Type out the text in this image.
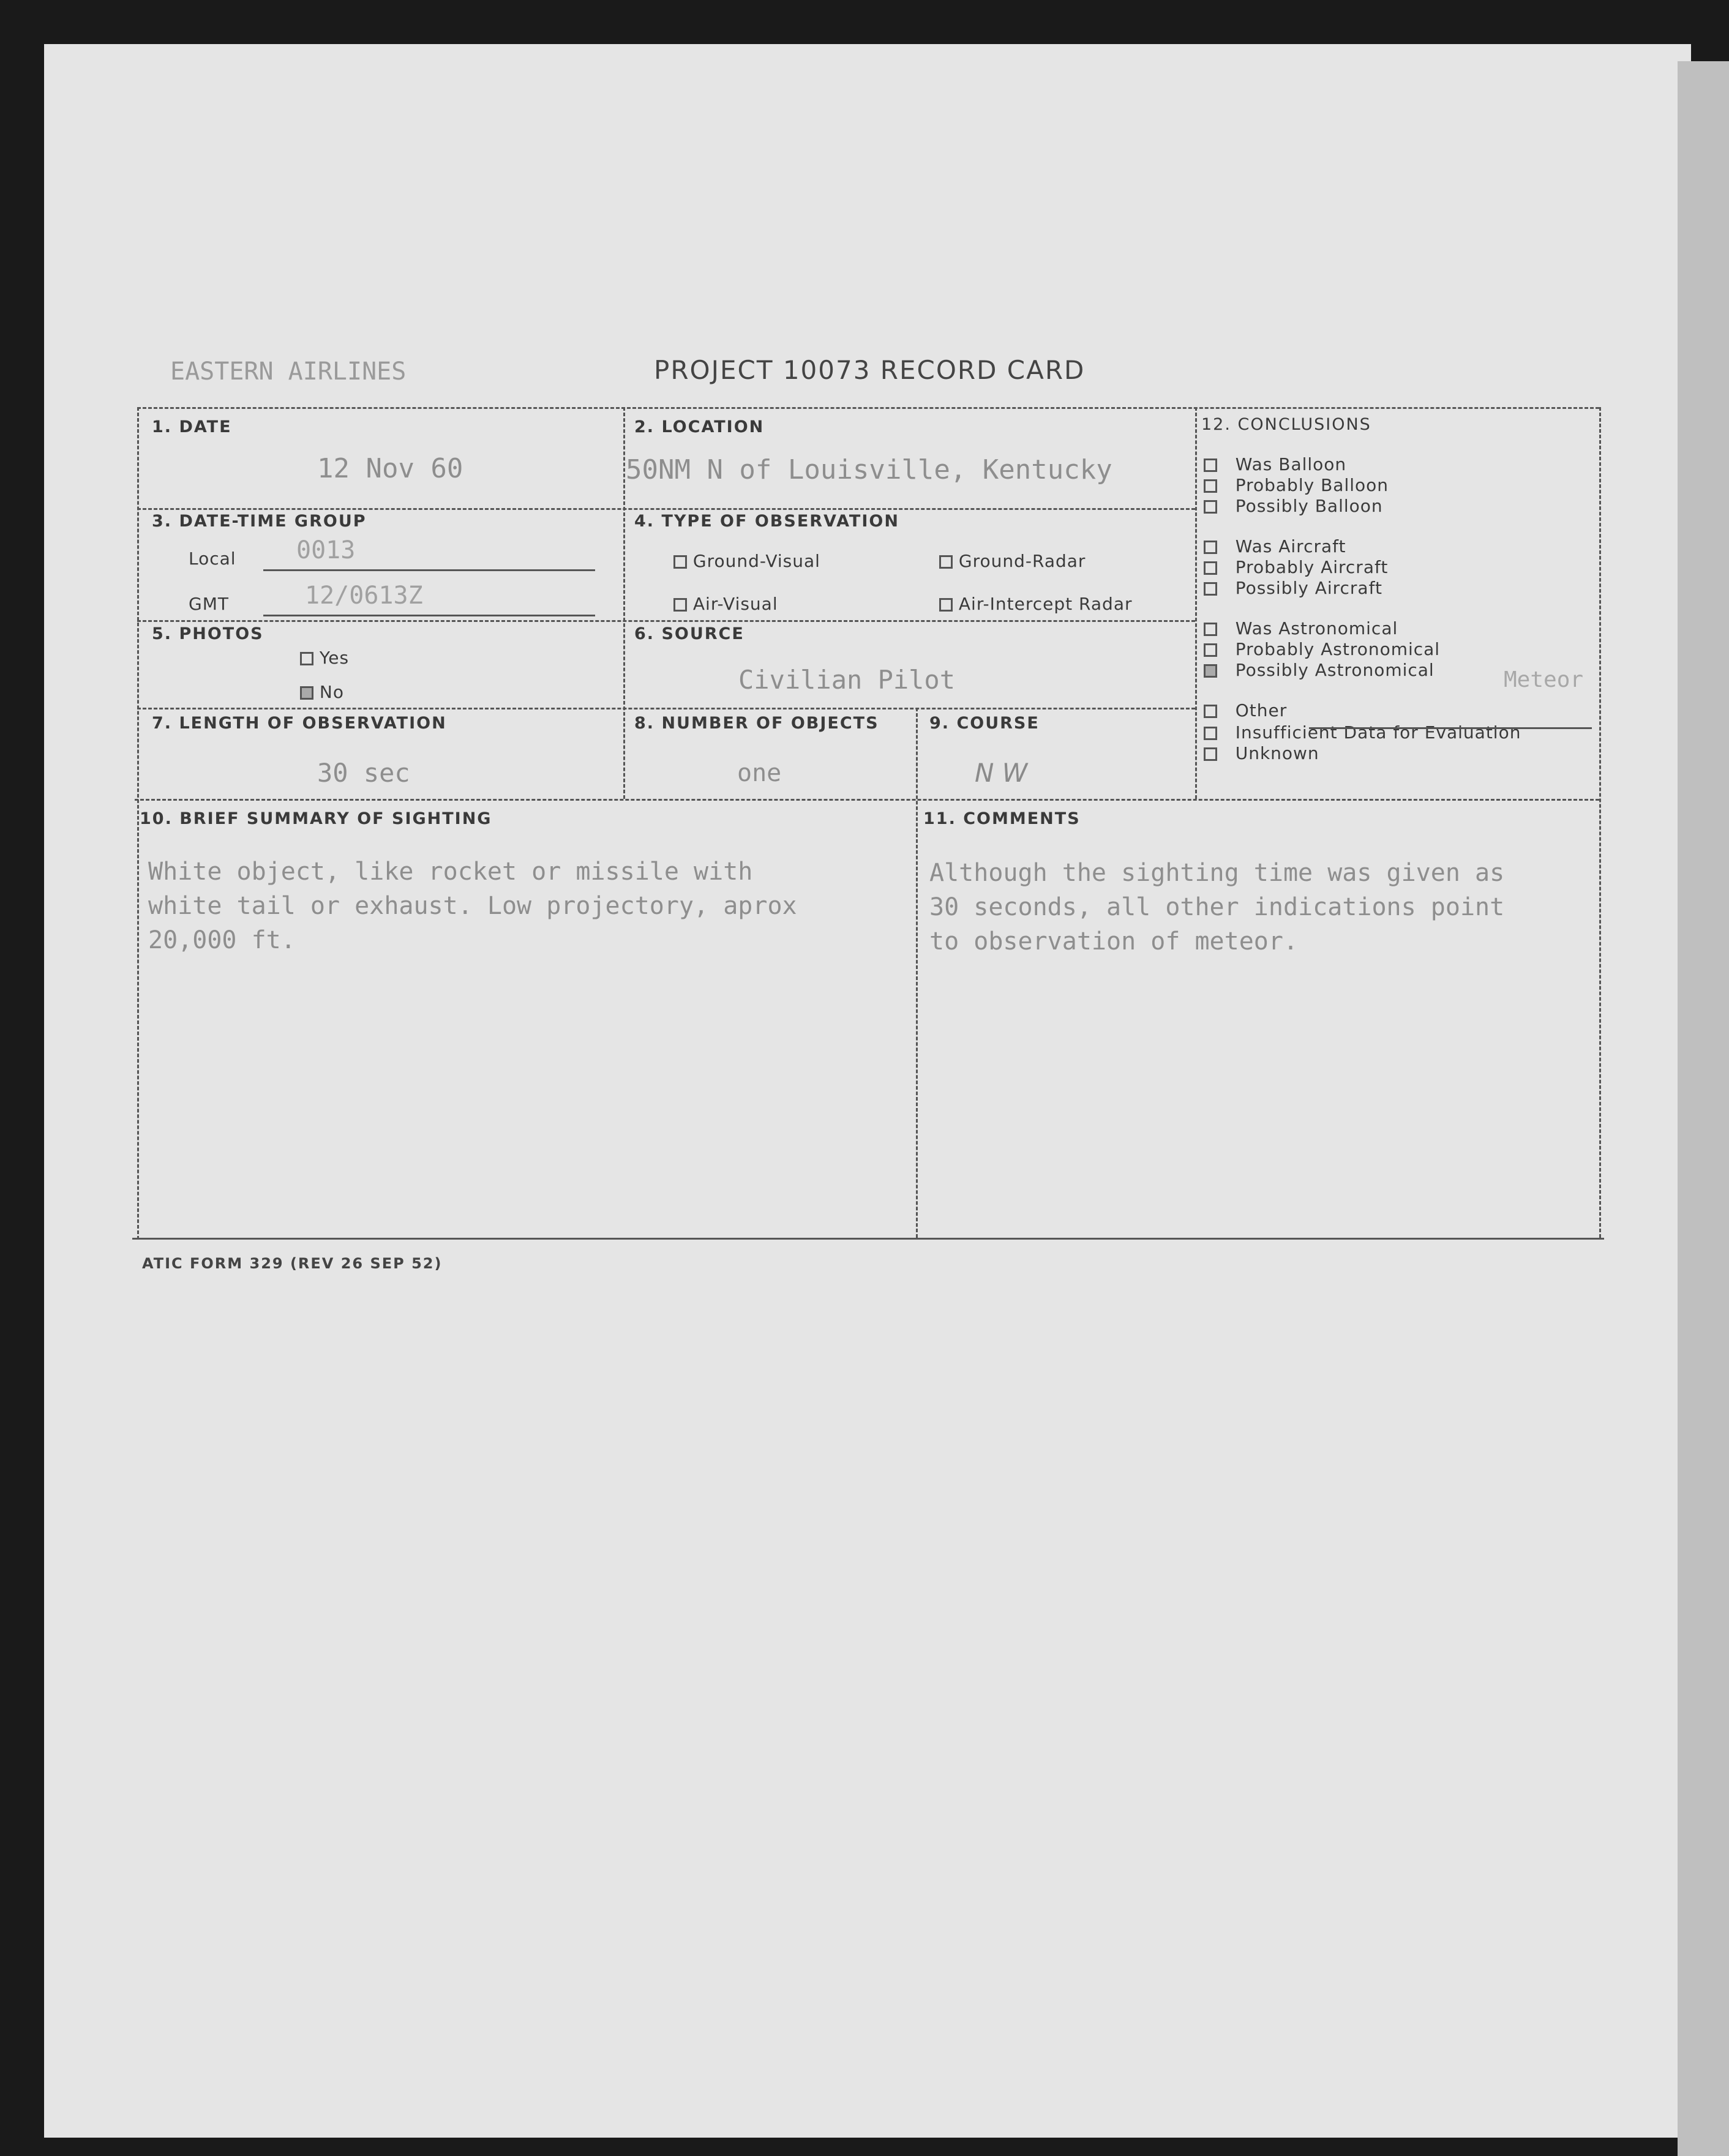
EASTERN AIRLINES	PROJECT 10073 RECORD CARD
1. DATE
12 Nov 60
2. LOCATION
50NM N of Louisville, Kentucky
3. DATE-TIME GROUP
Local 0013
GMT	12/0613Z
4. TYPE OF OBSERVATION
Ground-Visual	Ground-Radar
Air-Visual	Air-Intercept Radar
5. PHOTOS
Yes
No
6. SOURCE
Civilian Pilot
7. LENGTH OF OBSERVATION
30 sec
8. NUMBER OF OBJECTS
one
9. COURSE
N W
12. CONCLUSIONS
Was Balloon
Probably Balloon
Possibly Balloon
Was Aircraft
Probably Aircraft
Possibly Aircraft
Was Astronomical
Probably Astronomical
Possibly Astronomical
Other
Insufficient Data for Evaluation
Unknown
Meteor
10. BRIEF SUMMARY OF SIGHTING
White object, like rocket or missile with
white tail or exhaust. Low projectory, aprox
20,000 ft.
11. COMMENTS
Although the sighting time was given as
30 seconds, all other indications point
to observation of meteor.
ATIC FORM 329 (REV 26 SEP 52)
